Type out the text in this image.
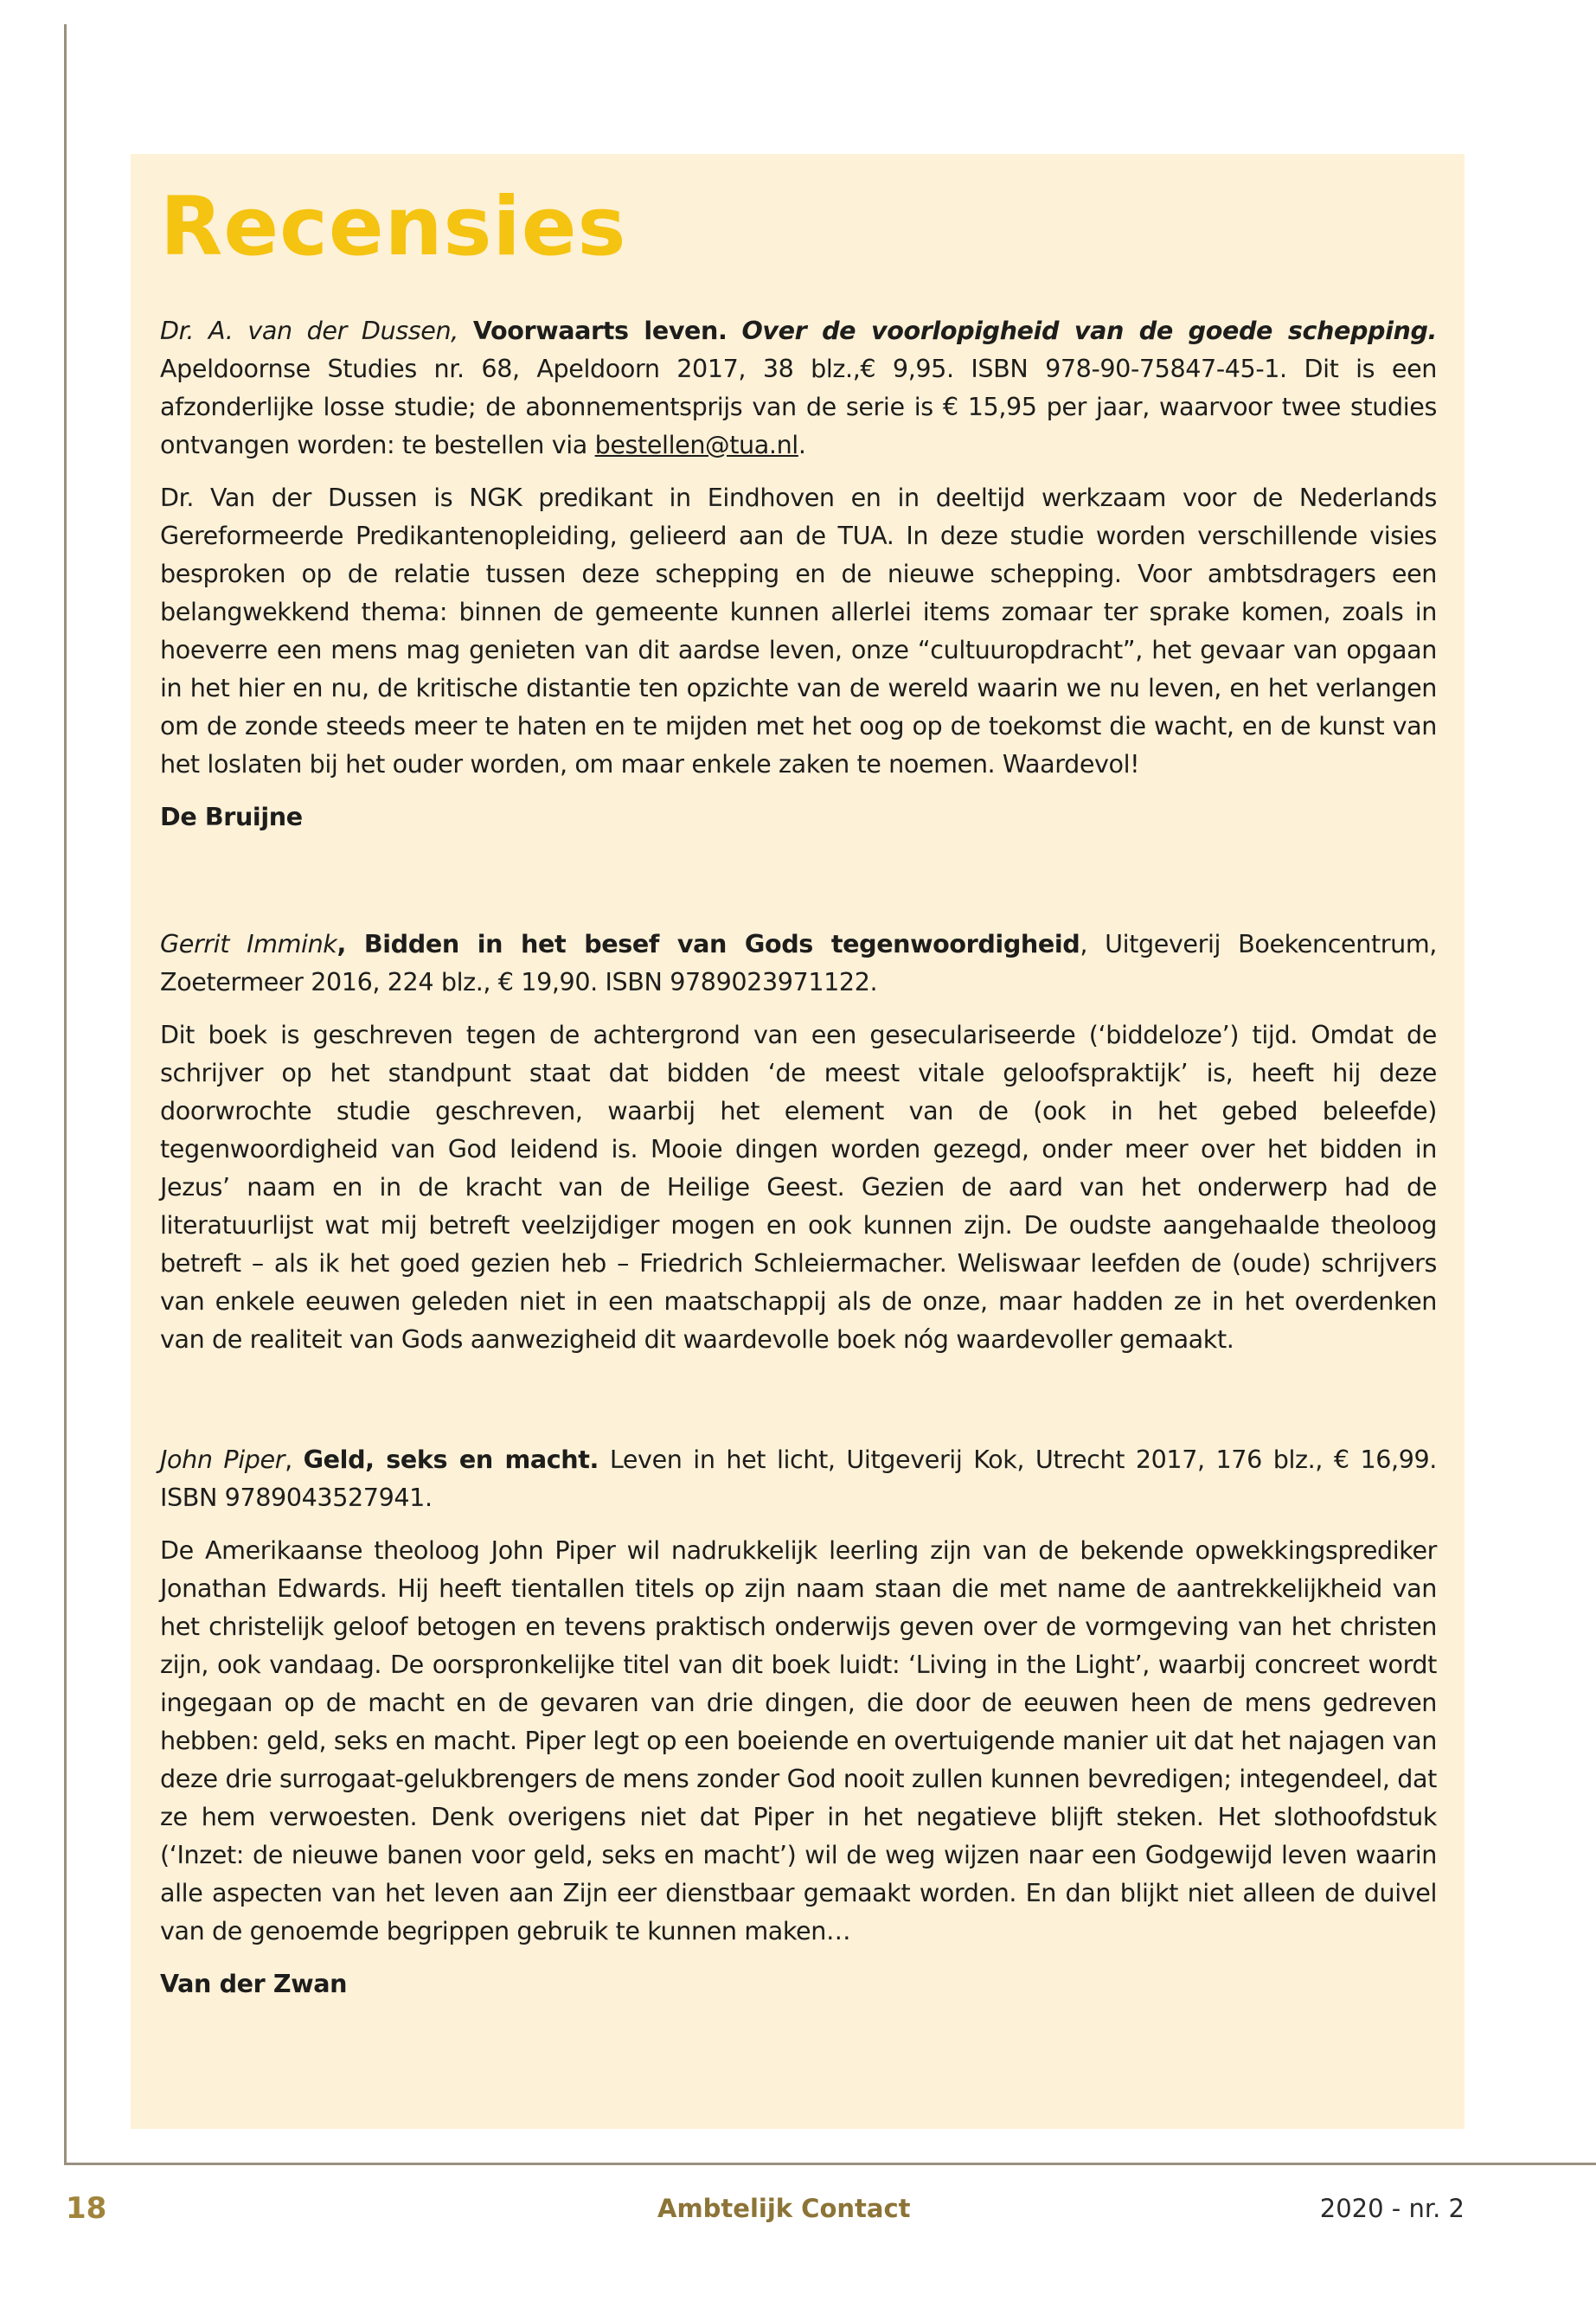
Recensies

Dr. A. van der Dussen, Voorwaarts leven. Over de voorlopigheid van de goede schepping. Apeldoornse Studies nr. 68, Apeldoorn 2017, 38 blz.,€ 9,95. ISBN 978-90-75847-45-1. Dit is een afzonderlijke losse studie; de abonnementsprijs van de serie is € 15,95 per jaar, waarvoor twee studies ontvangen worden: te bestellen via bestellen@tua.nl.

Dr. Van der Dussen is NGK predikant in Eindhoven en in deeltijd werkzaam voor de Nederlands Gereformeerde Predikantenopleiding, gelieerd aan de TUA. In deze studie worden verschillende visies besproken op de relatie tussen deze schepping en de nieuwe schepping. Voor ambtsdragers een belangwekkend thema: binnen de gemeente kunnen allerlei items zomaar ter sprake komen, zoals in hoeverre een mens mag genieten van dit aardse leven, onze “cultuuropdracht”, het gevaar van opgaan in het hier en nu, de kritische distantie ten opzichte van de wereld waarin we nu leven, en het verlangen om de zonde steeds meer te haten en te mijden met het oog op de toekomst die wacht, en de kunst van het loslaten bij het ouder worden, om maar enkele zaken te noemen. Waardevol!

De Bruijne

Gerrit Immink, Bidden in het besef van Gods tegenwoordigheid, Uitgeverij Boekencentrum, Zoetermeer 2016, 224 blz., € 19,90. ISBN 9789023971122.

Dit boek is geschreven tegen de achtergrond van een geseculariseerde (‘biddeloze’) tijd. Omdat de schrijver op het standpunt staat dat bidden ‘de meest vitale geloofspraktijk’ is, heeft hij deze doorwrochte studie geschreven, waarbij het element van de (ook in het gebed beleefde) tegenwoordigheid van God leidend is. Mooie dingen worden gezegd, onder meer over het bidden in Jezus’ naam en in de kracht van de Heilige Geest. Gezien de aard van het onderwerp had de literatuurlijst wat mij betreft veelzijdiger mogen en ook kunnen zijn. De oudste aangehaalde theoloog betreft – als ik het goed gezien heb – Friedrich Schleiermacher. Weliswaar leefden de (oude) schrijvers van enkele eeuwen geleden niet in een maatschappij als de onze, maar hadden ze in het overdenken van de realiteit van Gods aanwezigheid dit waardevolle boek nóg waardevoller gemaakt.

John Piper, Geld, seks en macht. Leven in het licht, Uitgeverij Kok, Utrecht 2017, 176 blz., € 16,99. ISBN 9789043527941.

De Amerikaanse theoloog John Piper wil nadrukkelijk leerling zijn van de bekende opwekkingsprediker Jonathan Edwards. Hij heeft tientallen titels op zijn naam staan die met name de aantrekkelijkheid van het christelijk geloof betogen en tevens praktisch onderwijs geven over de vormgeving van het christen zijn, ook vandaag. De oorspronkelijke titel van dit boek luidt: ‘Living in the Light’, waarbij concreet wordt ingegaan op de macht en de gevaren van drie dingen, die door de eeuwen heen de mens gedreven hebben: geld, seks en macht. Piper legt op een boeiende en overtuigende manier uit dat het najagen van deze drie surrogaat-gelukbrengers de mens zonder God nooit zullen kunnen bevredigen; integendeel, dat ze hem verwoesten. Denk overigens niet dat Piper in het negatieve blijft steken. Het slothoofdstuk (‘Inzet: de nieuwe banen voor geld, seks en macht’) wil de weg wijzen naar een Godgewijd leven waarin alle aspecten van het leven aan Zijn eer dienstbaar gemaakt worden. En dan blijkt niet alleen de duivel van de genoemde begrippen gebruik te kunnen maken…

Van der Zwan

18	Ambtelijk Contact	2020 - nr. 2
